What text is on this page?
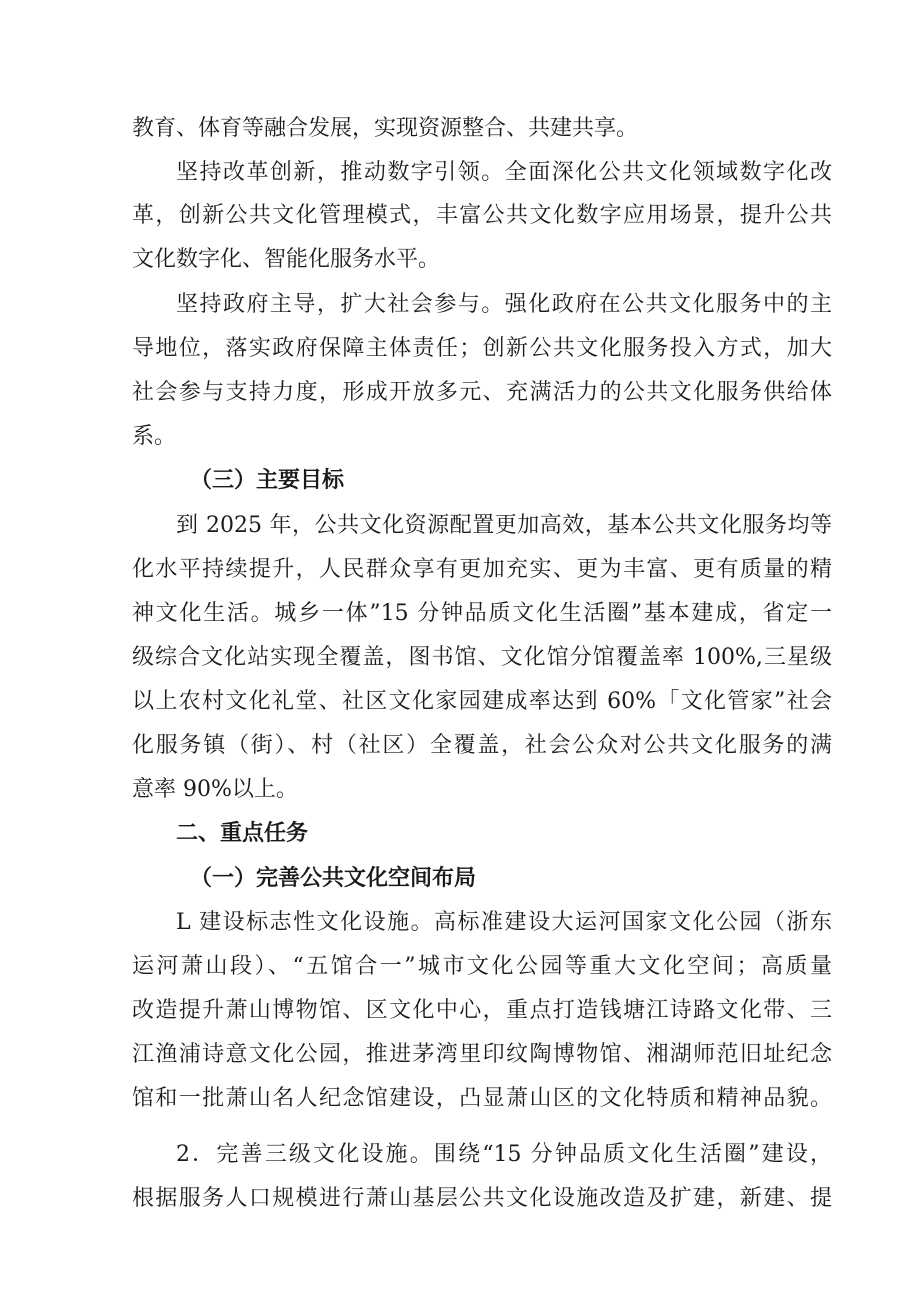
教育、体育等融合发展，实现资源整合、共建共享。
坚持改革创新，推动数字引领。全面深化公共文化领域数字化改
革，创新公共文化管理模式，丰富公共文化数字应用场景，提升公共
文化数字化、智能化服务水平。
坚持政府主导，扩大社会参与。强化政府在公共文化服务中的主
导地位，落实政府保障主体责任；创新公共文化服务投入方式，加大
社会参与支持力度，形成开放多元、充满活力的公共文化服务供给体
系。
（三）主要目标
到 2025 年，公共文化资源配置更加高效，基本公共文化服务均等
化水平持续提升，人民群众享有更加充实、更为丰富、更有质量的精
神文化生活。城乡一体”15 分钟品质文化生活圈”基本建成，省定一
级综合文化站实现全覆盖，图书馆、文化馆分馆覆盖率 100%,三星级
以上农村文化礼堂、社区文化家园建成率达到 60%「文化管家”社会
化服务镇（街）、村（社区）全覆盖，社会公众对公共文化服务的满
意率 90%以上。
二、重点任务
（一）完善公共文化空间布局
L 建设标志性文化设施。高标准建设大运河国家文化公园（浙东
运河萧山段）、“五馆合一”城市文化公园等重大文化空间；高质量
改造提升萧山博物馆、区文化中心，重点打造钱塘江诗路文化带、三
江渔浦诗意文化公园，推进茅湾里印纹陶博物馆、湘湖师范旧址纪念
馆和一批萧山名人纪念馆建设，凸显萧山区的文化特质和精神品貌。
2．完善三级文化设施。围绕“15 分钟品质文化生活圈”建设，
根据服务人口规模进行萧山基层公共文化设施改造及扩建，新建、提
